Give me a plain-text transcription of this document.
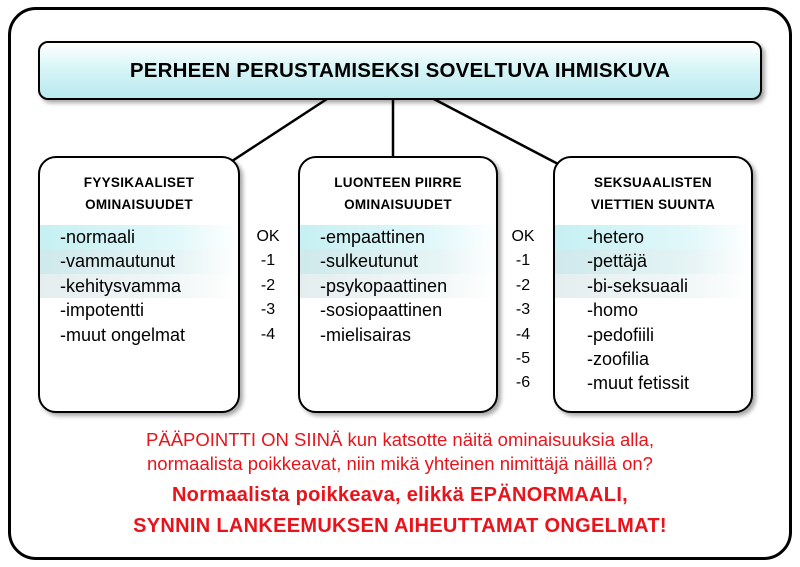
PERHEEN PERUSTAMISEKSI SOVELTUVA IHMISKUVA
FYYSIKAALISET
OMINAISUUDET
-normaali
-vammautunut
-kehitysvamma
-impotentti
-muut ongelmat
OK
-1
-2
-3
-4
LUONTEEN PIIRRE
OMINAISUUDET
-empaattinen
-sulkeutunut
-psykopaattinen
-sosiopaattinen
-mielisairas
OK
-1
-2
-3
-4
-5
-6
SEKSUAALISTEN
VIETTIEN SUUNTA
-hetero
-pettäjä
-bi-seksuaali
-homo
-pedofiili
-zoofilia
-muut fetissit
PÄÄPOINTTI ON SIINÄ kun katsotte näitä ominaisuuksia alla,
normaalista poikkeavat, niin mikä yhteinen nimittäjä näillä on?
Normaalista poikkeava, elikkä EPÄNORMAALI,
SYNNIN LANKEEMUKSEN AIHEUTTAMAT ONGELMAT!
